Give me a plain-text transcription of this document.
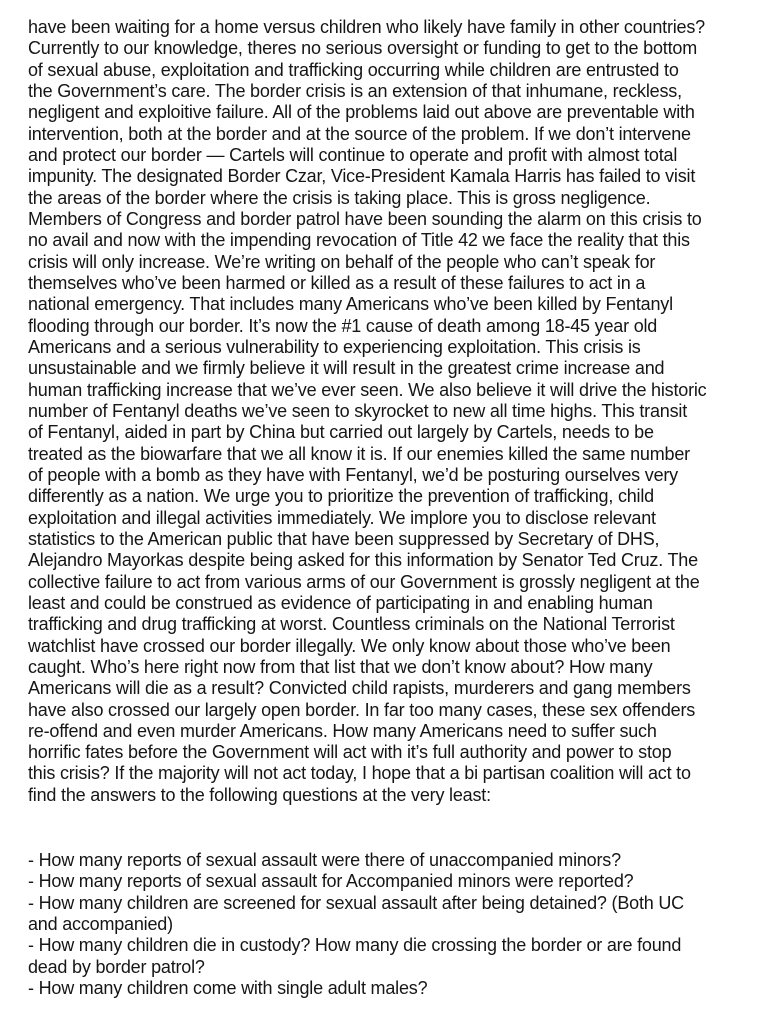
have been waiting for a home versus children who likely have family in other countries?
Currently to our knowledge, theres no serious oversight or funding to get to the bottom
of sexual abuse, exploitation and trafficking occurring while children are entrusted to
the Government’s care. The border crisis is an extension of that inhumane, reckless,
negligent and exploitive failure. All of the problems laid out above are preventable with
intervention, both at the border and at the source of the problem. If we don’t intervene
and protect our border — Cartels will continue to operate and profit with almost total
impunity. The designated Border Czar, Vice-President Kamala Harris has failed to visit
the areas of the border where the crisis is taking place. This is gross negligence.
Members of Congress and border patrol have been sounding the alarm on this crisis to
no avail and now with the impending revocation of Title 42 we face the reality that this
crisis will only increase. We’re writing on behalf of the people who can’t speak for
themselves who’ve been harmed or killed as a result of these failures to act in a
national emergency. That includes many Americans who’ve been killed by Fentanyl
flooding through our border. It’s now the #1 cause of death among 18-45 year old
Americans and a serious vulnerability to experiencing exploitation. This crisis is
unsustainable and we firmly believe it will result in the greatest crime increase and
human trafficking increase that we’ve ever seen. We also believe it will drive the historic
number of Fentanyl deaths we’ve seen to skyrocket to new all time highs. This transit
of Fentanyl, aided in part by China but carried out largely by Cartels, needs to be
treated as the biowarfare that we all know it is. If our enemies killed the same number
of people with a bomb as they have with Fentanyl, we’d be posturing ourselves very
differently as a nation. We urge you to prioritize the prevention of trafficking, child
exploitation and illegal activities immediately. We implore you to disclose relevant
statistics to the American public that have been suppressed by Secretary of DHS,
Alejandro Mayorkas despite being asked for this information by Senator Ted Cruz. The
collective failure to act from various arms of our Government is grossly negligent at the
least and could be construed as evidence of participating in and enabling human
trafficking and drug trafficking at worst. Countless criminals on the National Terrorist
watchlist have crossed our border illegally. We only know about those who’ve been
caught. Who’s here right now from that list that we don’t know about? How many
Americans will die as a result? Convicted child rapists, murderers and gang members
have also crossed our largely open border. In far too many cases, these sex offenders
re-offend and even murder Americans. How many Americans need to suffer such
horrific fates before the Government will act with it’s full authority and power to stop
this crisis? If the majority will not act today, I hope that a bi partisan coalition will act to
find the answers to the following questions at the very least:
- How many reports of sexual assault were there of unaccompanied minors?
- How many reports of sexual assault for Accompanied minors were reported?
- How many children are screened for sexual assault after being detained? (Both UC
and accompanied)
- How many children die in custody? How many die crossing the border or are found
dead by border patrol?
- How many children come with single adult males?
